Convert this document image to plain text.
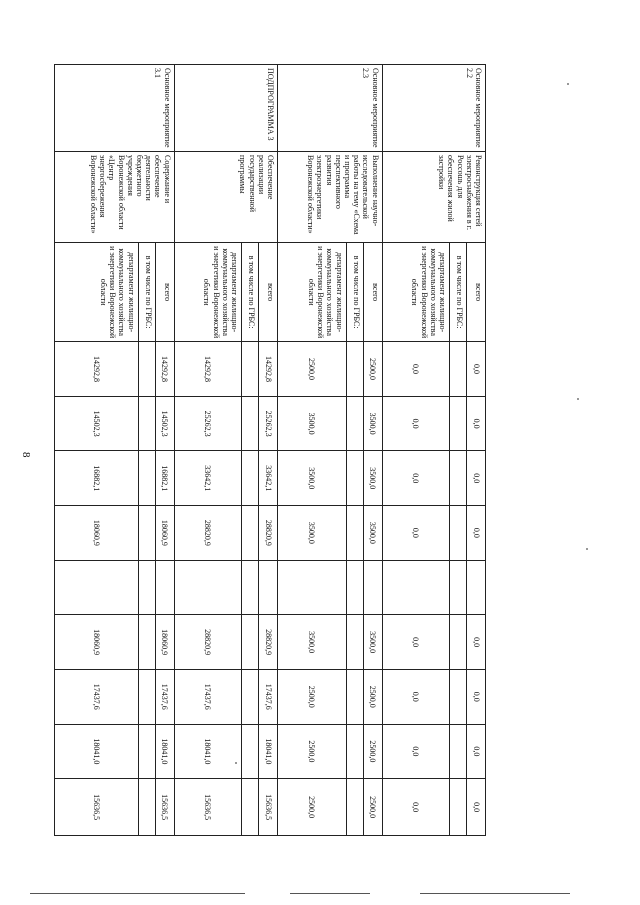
8
Основное мероприятие 2.2	Реконструкция сетей электроснабжения в г. Россошь для обеспечения жилой застройки	всего	0,0	0,0	0,0	0,0		0,0	0,0	0,0	0,0
		в том числе по ГРБС:									
		департамент жилищно-коммунального хозяйства и энергетики Воронежской области	0,0	0,0	0,0	0,0		0,0	0,0	0,0	0,0
Основное мероприятие 2.3	Выполнение научно-исследовательской работы на тему «Схема и программа перспективного развития электроэнергетики Воронежской области»	всего	2500,0	3500,0	3500,0	3500,0		3500,0	2500,0	2500,0	2500,0
		в том числе по ГРБС:									
		департамент жилищно-коммунального хозяйства и энергетики Воронежской области	2500,0	3500,0	3500,0	3500,0		3500,0	2500,0	2500,0	2500,0
ПОДПРОГРАММА 3	Обеспечение реализации государственной программы	всего	14292,8	25262,3	33642,1	28820,9		28820,9	17437,6	18041,0	15636,5
		в том числе по ГРБС:									
		департамент жилищно-коммунального хозяйства и энергетики Воронежской области	14292,8	25262,3	33642,1	28820,9		28820,9	17437,6	18041,0	15636,5
Основное мероприятие 3.1	Содержание и обеспечение деятельности бюджетного учреждения Воронежской области «Центр энергосбережения Воронежской области»	всего	14292,8	14502,3	16882,1	18060,9		18060,9	17437,6	18041,0	15636,5
		в том числе по ГРБС:									
		департамент жилищно-коммунального хозяйства и энергетики Воронежской области	14292,8	14502,3	16882,1	18060,9		18060,9	17437,6	18041,0	15636,5
